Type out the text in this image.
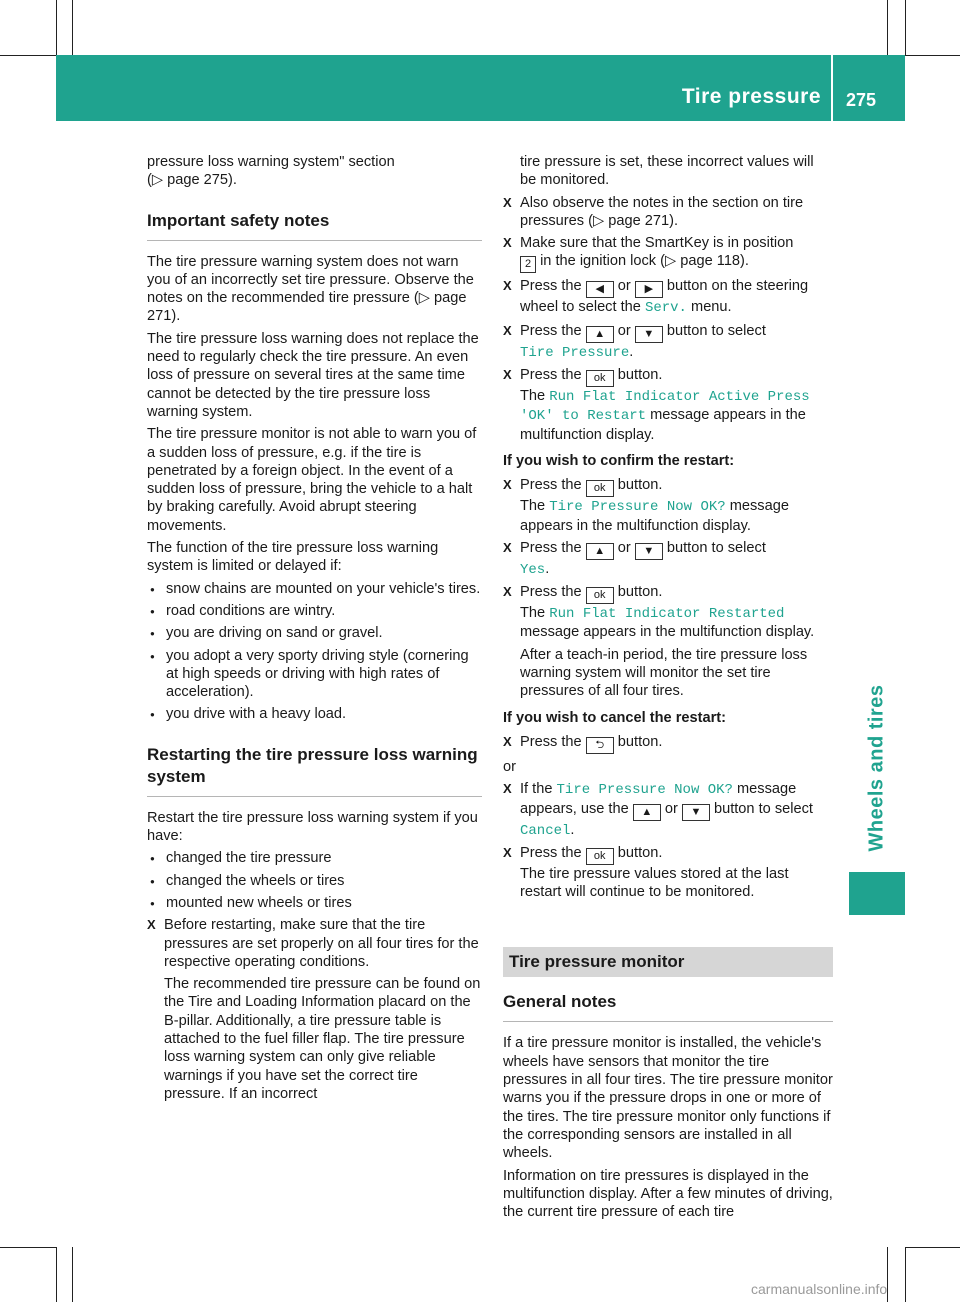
Tire pressure 275
Wheels and tires

pressure loss warning system" section
(▷ page 275).

Important safety notes

The tire pressure warning system does not warn you of an incorrectly set tire pressure. Observe the notes on the recommended tire pressure (▷ page 271).

The tire pressure loss warning does not replace the need to regularly check the tire pressure. An even loss of pressure on several tires at the same time cannot be detected by the tire pressure loss warning system.

The tire pressure monitor is not able to warn you of a sudden loss of pressure, e.g. if the tire is penetrated by a foreign object. In the event of a sudden loss of pressure, bring the vehicle to a halt by braking carefully. Avoid abrupt steering movements.

The function of the tire pressure loss warning system is limited or delayed if:

● snow chains are mounted on your vehicle's tires.
● road conditions are wintry.
● you are driving on sand or gravel.
● you adopt a very sporty driving style (cornering at high speeds or driving with high rates of acceleration).
● you drive with a heavy load.
Restarting the tire pressure loss warning system

Restart the tire pressure loss warning system if you have:

● changed the tire pressure
● changed the wheels or tires
● mounted new wheels or tires
X Before restarting, make sure that the tire pressures are set properly on all four tires for the respective operating conditions.
The recommended tire pressure can be found on the Tire and Loading Information placard on the B-pillar. Additionally, a tire pressure table is attached to the fuel filler flap. The tire pressure loss warning system can only give reliable warnings if you have set the correct tire pressure. If an incorrect
tire pressure is set, these incorrect values will be monitored.
X Also observe the notes in the section on tire pressures (▷ page 271).
X Make sure that the SmartKey is in position
2 in the ignition lock (▷ page 118).
X Press the ◀ or ▶ button on the steering wheel to select the Serv. menu.
X Press the ▲ or ▼ button to select
Tire Pressure.
X Press the ok button.
The Run Flat Indicator Active Press 'OK' to Restart message appears in the multifunction display.
If you wish to confirm the restart:
X Press the ok button.
The Tire Pressure Now OK? message appears in the multifunction display.
X Press the ▲ or ▼ button to select
Yes.
X Press the ok button.
The Run Flat Indicator Restarted message appears in the multifunction display.
After a teach-in period, the tire pressure loss warning system will monitor the set tire pressures of all four tires.
If you wish to cancel the restart:
X Press the ⮌ button.

or

X If the Tire Pressure Now OK? message appears, use the ▲ or ▼ button to select Cancel.
X Press the ok button.
The tire pressure values stored at the last restart will continue to be monitored.
Tire pressure monitor
General notes

If a tire pressure monitor is installed, the vehicle's wheels have sensors that monitor the tire pressures in all four tires. The tire pressure monitor warns you if the pressure drops in one or more of the tires. The tire pressure monitor only functions if the corresponding sensors are installed in all wheels.

Information on tire pressures is displayed in the multifunction display. After a few minutes of driving, the current tire pressure of each tire

carmanualsonline.info
